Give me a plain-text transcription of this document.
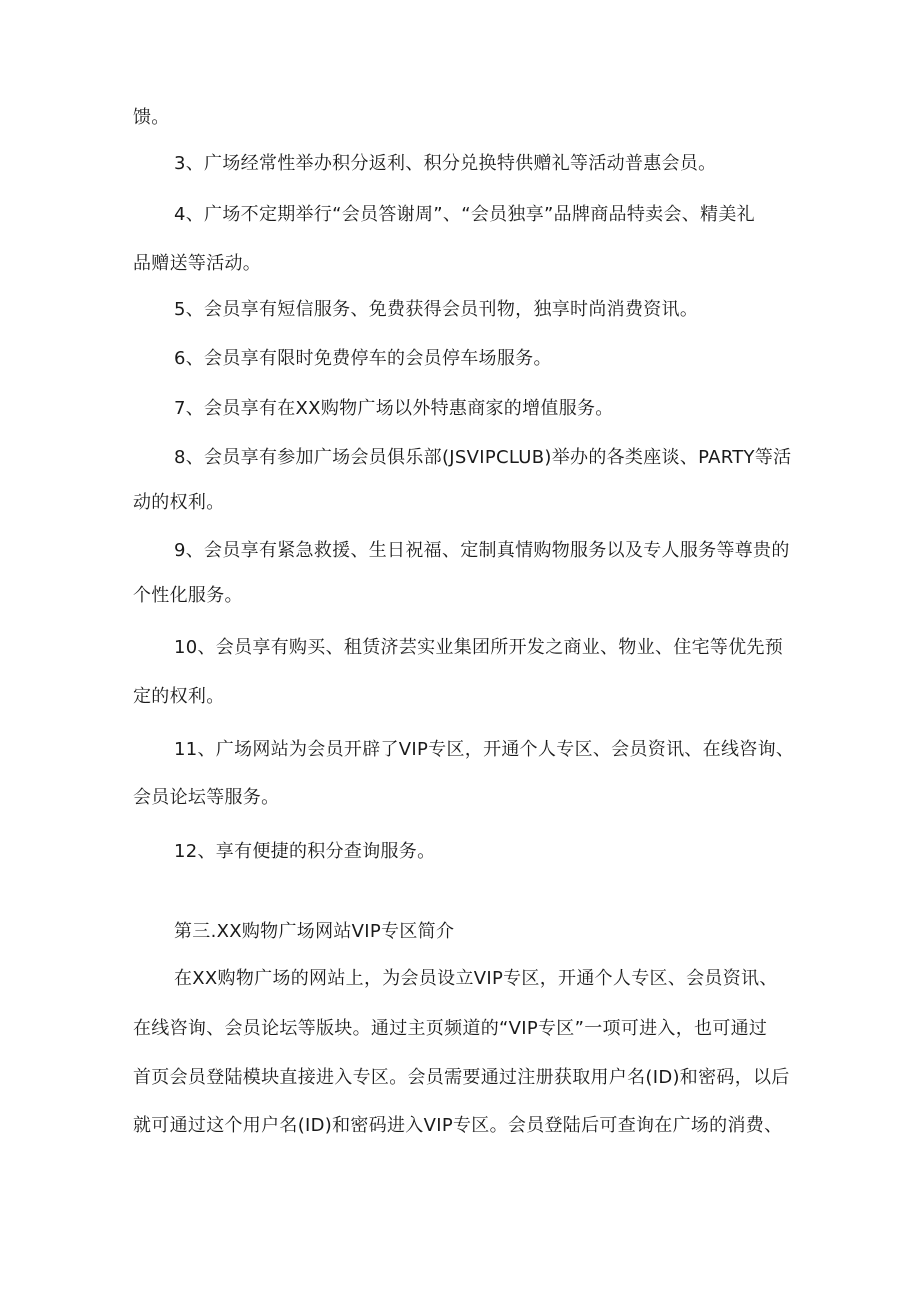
馈。
3、广场经常性举办积分返利、积分兑换特供赠礼等活动普惠会员。
4、广场不定期举行“会员答谢周”、“会员独享”品牌商品特卖会、精美礼
品赠送等活动。
5、会员享有短信服务、免费获得会员刊物，独享时尚消费资讯。
6、会员享有限时免费停车的会员停车场服务。
7、会员享有在XX购物广场以外特惠商家的增值服务。
8、会员享有参加广场会员俱乐部(JSVIPCLUB)举办的各类座谈、PARTY等活
动的权利。
9、会员享有紧急救援、生日祝福、定制真情购物服务以及专人服务等尊贵的
个性化服务。
10、会员享有购买、租赁济芸实业集团所开发之商业、物业、住宅等优先预
定的权利。
11、广场网站为会员开辟了VIP专区，开通个人专区、会员资讯、在线咨询、
会员论坛等服务。
12、享有便捷的积分查询服务。
第三.XX购物广场网站VIP专区简介
在XX购物广场的网站上，为会员设立VIP专区，开通个人专区、会员资讯、
在线咨询、会员论坛等版块。通过主页频道的“VIP专区”一项可进入，也可通过
首页会员登陆模块直接进入专区。会员需要通过注册获取用户名(ID)和密码，以后
就可通过这个用户名(ID)和密码进入VIP专区。会员登陆后可查询在广场的消费、
